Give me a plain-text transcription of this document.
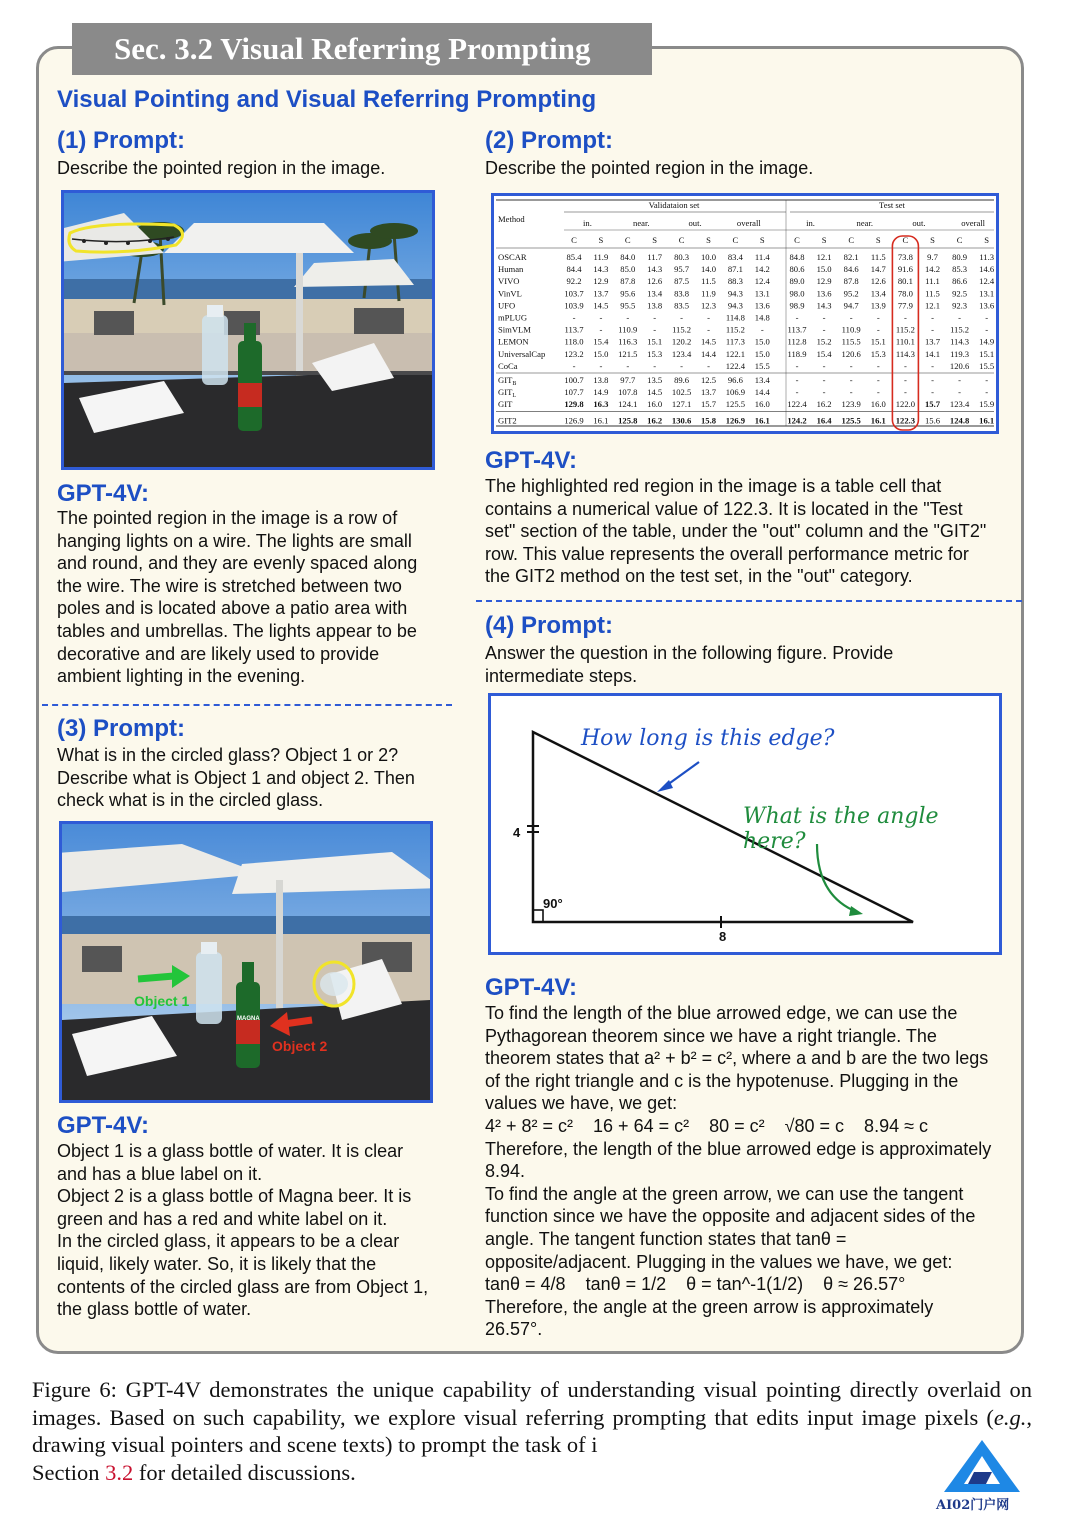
Sec. 3.2 Visual Referring Prompting
Visual Pointing and Visual Referring Prompting
(1) Prompt:
Describe the pointed region in the image.
GPT-4V:
The pointed region in the image is a row of
hanging lights on a wire. The lights are small
and round, and they are evenly spaced along
the wire. The wire is stretched between two
poles and is located above a patio area with
tables and umbrellas. The lights appear to be
decorative and are likely used to provide
ambient lighting in the evening.
(3) Prompt:
What is in the circled glass? Object 1 or 2?
Describe what is Object 1 and object 2. Then
check what is in the circled glass.
Object 1
Object 2
MAGNA
GPT-4V:
Object 1 is a glass bottle of water. It is clear
and has a blue label on it.
Object 2 is a glass bottle of Magna beer. It is
green and has a red and white label on it.
In the circled glass, it appears to be a clear
liquid, likely water. So, it is likely that the
contents of the circled glass are from Object 1,
the glass bottle of water.
(2) Prompt:
Describe the pointed region in the image.
Method
Validataion set	Test set
in.	near.	out.	overall	in.	near.	out.	overall
C	S	C	S	C	S	C	S	C	S	C	S	C	S	C	S
OSCAR	85.4 11.9 84.0 11.7 80.3 10.0 83.4 11.4 84.8 12.1 82.1 11.5 73.8 9.7 80.9 11.3
Human	84.4 14.3 85.0 14.3 95.7 14.0 87.1 14.2 80.6 15.0 84.6 14.7 91.6 14.2 85.3 14.6
VIVO	92.2 12.9 87.8 12.6 87.5 11.5 88.3 12.4 89.0 12.9 87.8 12.6 80.1 11.1 86.6 12.4
VinVL	103.7 13.7 95.6 13.4 83.8 11.9 94.3 13.1 98.0 13.6 95.2 13.4 78.0 11.5 92.5 13.1
UFO	103.9 14.5 95.5 13.8 83.5 12.3 94.3 13.6 98.9 14.3 94.7 13.9 77.9 12.1 92.3 13.6
mPLUG	-	-	-	-	-	- 114.8 14.8	-	-	-	-	-	-	-	-
SimVLM	113.7 - 110.9 - 115.2 - 115.2 -	113.7 - 110.9 - 115.2 - 115.2 -
LEMON	118.0 15.4 116.3 15.1 120.2 14.5 117.3 15.0 112.8 15.2 115.5 15.1 110.1 13.7 114.3 14.9
UniversalCap 123.2 15.0 121.5 15.3 123.4 14.4 122.1 15.0 118.9 15.4 120.6 15.3 114.3 14.1 119.3 15.1
CoCa	-	-	-	-	-	- 122.4 15.5	-	-	-	-	-	- 120.6 15.5
$GIT_B$	100.7 13.8 97.7 13.5 89.6 12.5 96.6 13.4	-	-	-	-	-	-	-	-
$GIT_L$	107.7 14.9 107.8 14.5 102.5 13.7 106.9 14.4	-	-	-	-	-	-	-	-
GIT	129.8 16.3 124.1 16.0 127.1 15.7 125.5 16.0 122.4 16.2 123.9 16.0 122.0 15.7 123.4 15.9
GIT2	126.9 16.1 125.8 16.2 130.6 15.8 126.9 16.1 124.2 16.4 125.5 16.1 122.3 15.6 124.8 16.1
GPT-4V:
The highlighted red region in the image is a table cell that
contains a numerical value of 122.3. It is located in the "Test
set" section of the table, under the "out" column and the "GIT2"
row. This value represents the overall performance metric for
the GIT2 method on the test set, in the "out" category.
(4) Prompt:
Answer the question in the following figure. Provide
intermediate steps.
How long is this edge?
What is the angle here?
4
8
90°
GPT-4V:
To find the length of the blue arrowed edge, we can use the
Pythagorean theorem since we have a right triangle. The
theorem states that a² + b² = c², where a and b are the two legs
of the right triangle and c is the hypotenuse. Plugging in the
values we have, we get:
4² + 8² = c²    16 + 64 = c²    80 = c²    √80 = c    8.94 ≈ c
Therefore, the length of the blue arrowed edge is approximately
8.94.
To find the angle at the green arrow, we can use the tangent
function since we have the opposite and adjacent sides of the
angle. The tangent function states that tanθ =
opposite/adjacent. Plugging in the values we have, we get:
tanθ = 4/8    tanθ = 1/2    θ = tan^-1(1/2)    θ ≈ 26.57°
Therefore, the angle at the green arrow is approximately
26.57°.
Figure 6: GPT-4V demonstrates the unique capability of understanding visual pointing directly overlaid on images. Based on such capability, we explore visual referring prompting that edits input image pixels (e.g., drawing visual pointers and scene texts) to prompt the task of i
Section 3.2 for detailed discussions.
AI02门户网
